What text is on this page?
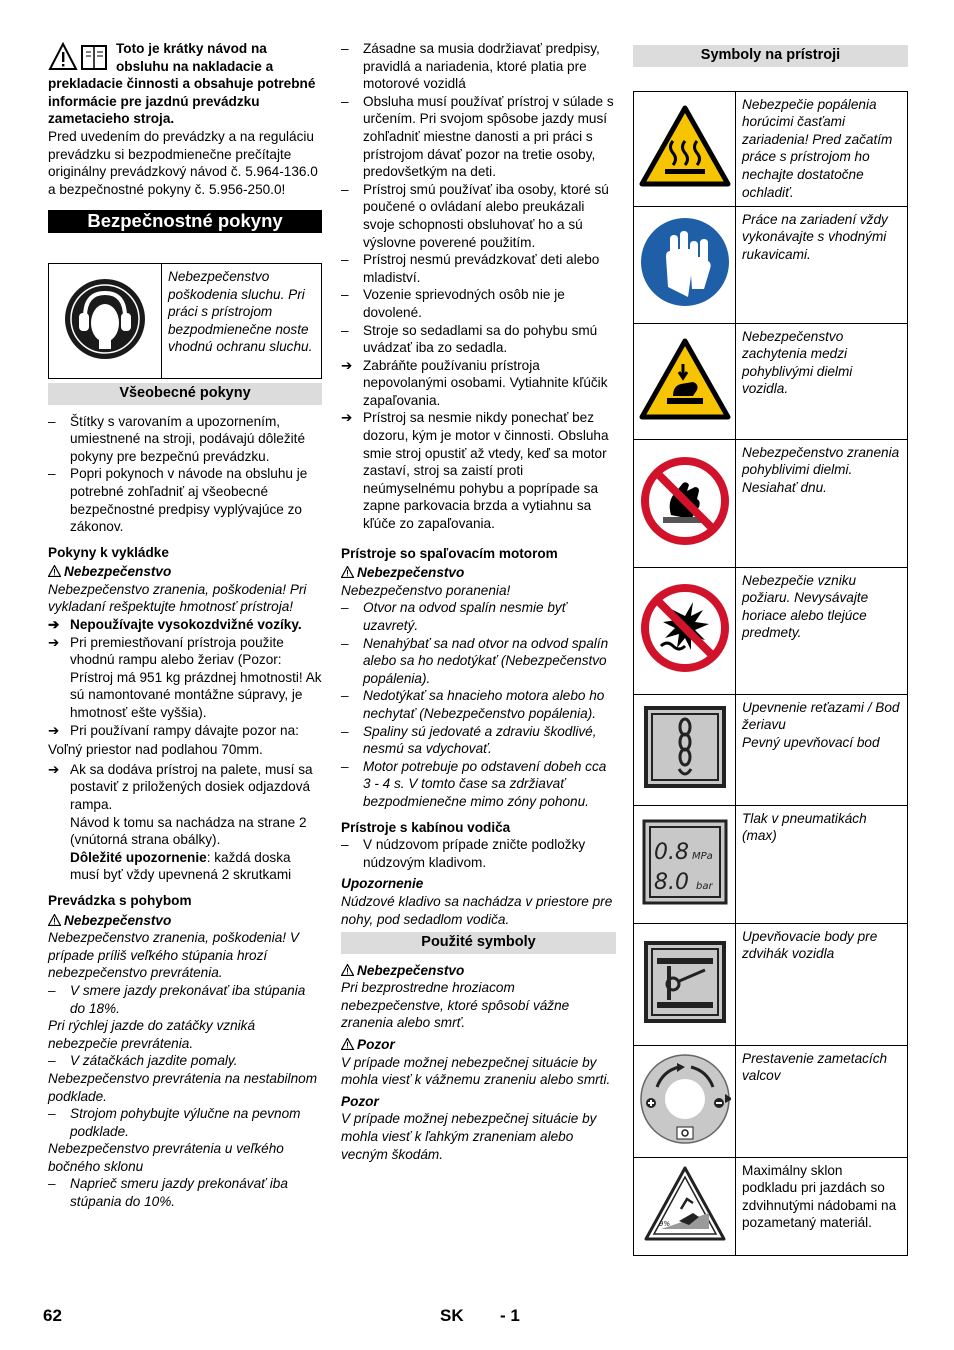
Toto je krátky návod na obsluhu na nakladacie a prekladacie činnosti a obsahuje potrebné informácie pre jazdnú prevádzku zametacieho stroja.

Pred uvedením do prevádzky a na reguláciu prevádzku si bezpodmienečne prečítajte originálny prevádzkový návod č. 5.964-136.0 a bezpečnostné pokyny č. 5.956-250.0!

Bezpečnostné pokyny
	Nebezpečenstvo poškodenia sluchu. Pri práci s prístrojom bezpodmienečne noste vhodnú ochranu sluchu.
Všeobecné pokyny

– Štítky s varovaním a upozornením, umiestnené na stroji, podávajú dôležité pokyny pre bezpečnú prevádzku.

– Popri pokynoch v návode na obsluhu je potrebné zohľadniť aj všeobecné bezpečnostné predpisy vyplývajúce zo zákonov.

Pokyny k vykládke

Nebezpečenstvo

Nebezpečenstvo zranenia, poškodenia! Pri vykladaní rešpektujte hmotnosť prístroja!

➔ Nepoužívajte vysokozdvižné vozíky.

➔ Pri premiestňovaní prístroja použite vhodnú rampu alebo žeriav (Pozor: Prístroj má 951 kg prázdnej hmotnosti! Ak sú namontované montážne súpravy, je hmotnosť ešte vyššia).

➔ Pri používaní rampy dávajte pozor na:

Voľný priestor nad podlahou 70mm.

➔ Ak sa dodáva prístroj na palete, musí sa postaviť z priložených dosiek odjazdová rampa.

Návod k tomu sa nachádza na strane 2 (vnútorná strana obálky).

Dôležité upozornenie: každá doska musí byť vždy upevnená 2 skrutkami

Prevádzka s pohybom

Nebezpečenstvo

Nebezpečenstvo zranenia, poškodenia! V prípade príliš veľkého stúpania hrozí nebezpečenstvo prevrátenia.

– V smere jazdy prekonávať iba stúpania do 18%.

Pri rýchlej jazde do zatáčky vzniká nebezpečie prevrátenia.

– V zátačkách jazdite pomaly.

Nebezpečenstvo prevrátenia na nestabilnom podklade.

– Strojom pohybujte výlučne na pevnom podklade.

Nebezpečenstvo prevrátenia u veľkého bočného sklonu

– Naprieč smeru jazdy prekonávať iba stúpania do 10%.

– Zásadne sa musia dodržiavať predpisy, pravidlá a nariadenia, ktoré platia pre motorové vozidlá

– Obsluha musí používať prístroj v súlade s určením. Pri svojom spôsobe jazdy musí zohľadniť miestne danosti a pri práci s prístrojom dávať pozor na tretie osoby, predovšetkým na deti.

– Prístroj smú používať iba osoby, ktoré sú poučené o ovládaní alebo preukázali svoje schopnosti obsluhovať ho a sú výslovne poverené použitím.

– Prístroj nesmú prevádzkovať deti alebo mladiství.

– Vozenie sprievodných osôb nie je dovolené.

– Stroje so sedadlami sa do pohybu smú uvádzať iba zo sedadla.

➔ Zabráňte používaniu prístroja nepovolanými osobami. Vytiahnite kľúčik zapaľovania.

➔ Prístroj sa nesmie nikdy ponechať bez dozoru, kým je motor v činnosti. Obsluha smie stroj opustiť až vtedy, keď sa motor zastaví, stroj sa zaistí proti neúmyselnému pohybu a poprípade sa zapne parkovacia brzda a vytiahnu sa kľúče zo zapaľovania.

Prístroje so spaľovacím motorom

Nebezpečenstvo

Nebezpečenstvo poranenia!

– Otvor na odvod spalín nesmie byť uzavretý.

– Nenahýbať sa nad otvor na odvod spalín alebo sa ho nedotýkať (Nebezpečenstvo popálenia).

– Nedotýkať sa hnacieho motora alebo ho nechytať (Nebezpečenstvo popálenia).

– Spaliny sú jedovaté a zdraviu škodlivé, nesmú sa vdychovať.

– Motor potrebuje po odstavení dobeh cca 3 - 4 s. V tomto čase sa zdržiavať bezpodmienečne mimo zóny pohonu.

Prístroje s kabínou vodiča

– V núdzovom prípade zničte podložky núdzovým kladivom.

Upozornenie

Núdzové kladivo sa nachádza v priestore pre nohy, pod sedadlom vodiča.

Použité symboly

Nebezpečenstvo

Pri bezprostredne hroziacom nebezpečenstve, ktoré spôsobí vážne zranenia alebo smrť.

Pozor

V prípade možnej nebezpečnej situácie by mohla viesť k vážnemu zraneniu alebo smrti.

Pozor

V prípade možnej nebezpečnej situácie by mohla viesť k ľahkým zraneniam alebo vecným škodám.

Symboly na prístroji
	Nebezpečie popálenia horúcimi časťami zariadenia! Pred začatím práce s prístrojom ho nechajte dostatočne ochladiť.
	Práce na zariadení vždy vykonávajte s vhodnými rukavicami.
	Nebezpečenstvo zachytenia medzi pohyblivými dielmi vozidla.
	Nebezpečenstvo zranenia pohyblivimi dielmi. Nesiahať dnu.
	Nebezpečie vzniku požiaru. Nevysávajte horiace alebo tlejúce predmety.
	Upevnenie reťazami / Bod žeriavu
Pevný upevňovací bod

0.8 MPa
8.0 bar	Tlak v pneumatikách (max)
	Upevňovacie body pre zdvihák vozidla
	Prestavenie zametacích valcov

9%	Maximálny sklon podkladu pri jazdách so zdvihnutými nádobami na pozametaný materiál.
62	SK - 1
